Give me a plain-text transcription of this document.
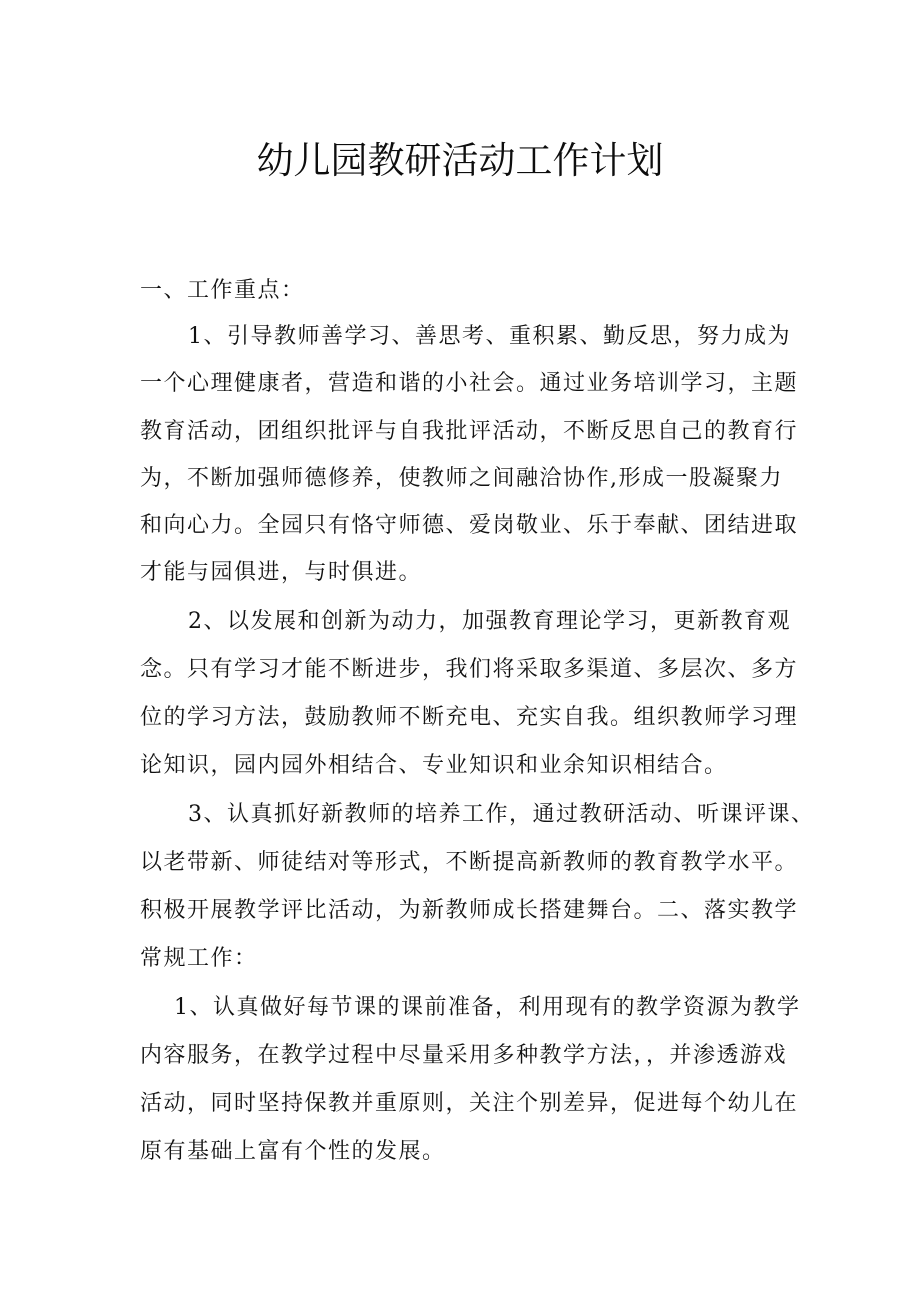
幼儿园教研活动工作计划

一、工作重点：

1、引导教师善学习、善思考、重积累、勤反思，努力成为

一个心理健康者，营造和谐的小社会。通过业务培训学习，主题

教育活动，团组织批评与自我批评活动，不断反思自己的教育行

为，不断加强师德修养，使教师之间融洽协作,形成一股凝聚力

和向心力。全园只有恪守师德、爱岗敬业、乐于奉献、团结进取

才能与园俱进，与时俱进。

2、以发展和创新为动力，加强教育理论学习，更新教育观

念。只有学习才能不断进步，我们将采取多渠道、多层次、多方

位的学习方法，鼓励教师不断充电、充实自我。组织教师学习理

论知识，园内园外相结合、专业知识和业余知识相结合。

3、认真抓好新教师的培养工作，通过教研活动、听课评课、

以老带新、师徒结对等形式，不断提高新教师的教育教学水平。

积极开展教学评比活动，为新教师成长搭建舞台。二、落实教学

常规工作：

1、认真做好每节课的课前准备，利用现有的教学资源为教学

内容服务，在教学过程中尽量采用多种教学方法，，并渗透游戏

活动，同时坚持保教并重原则，关注个别差异，促进每个幼儿在

原有基础上富有个性的发展。
